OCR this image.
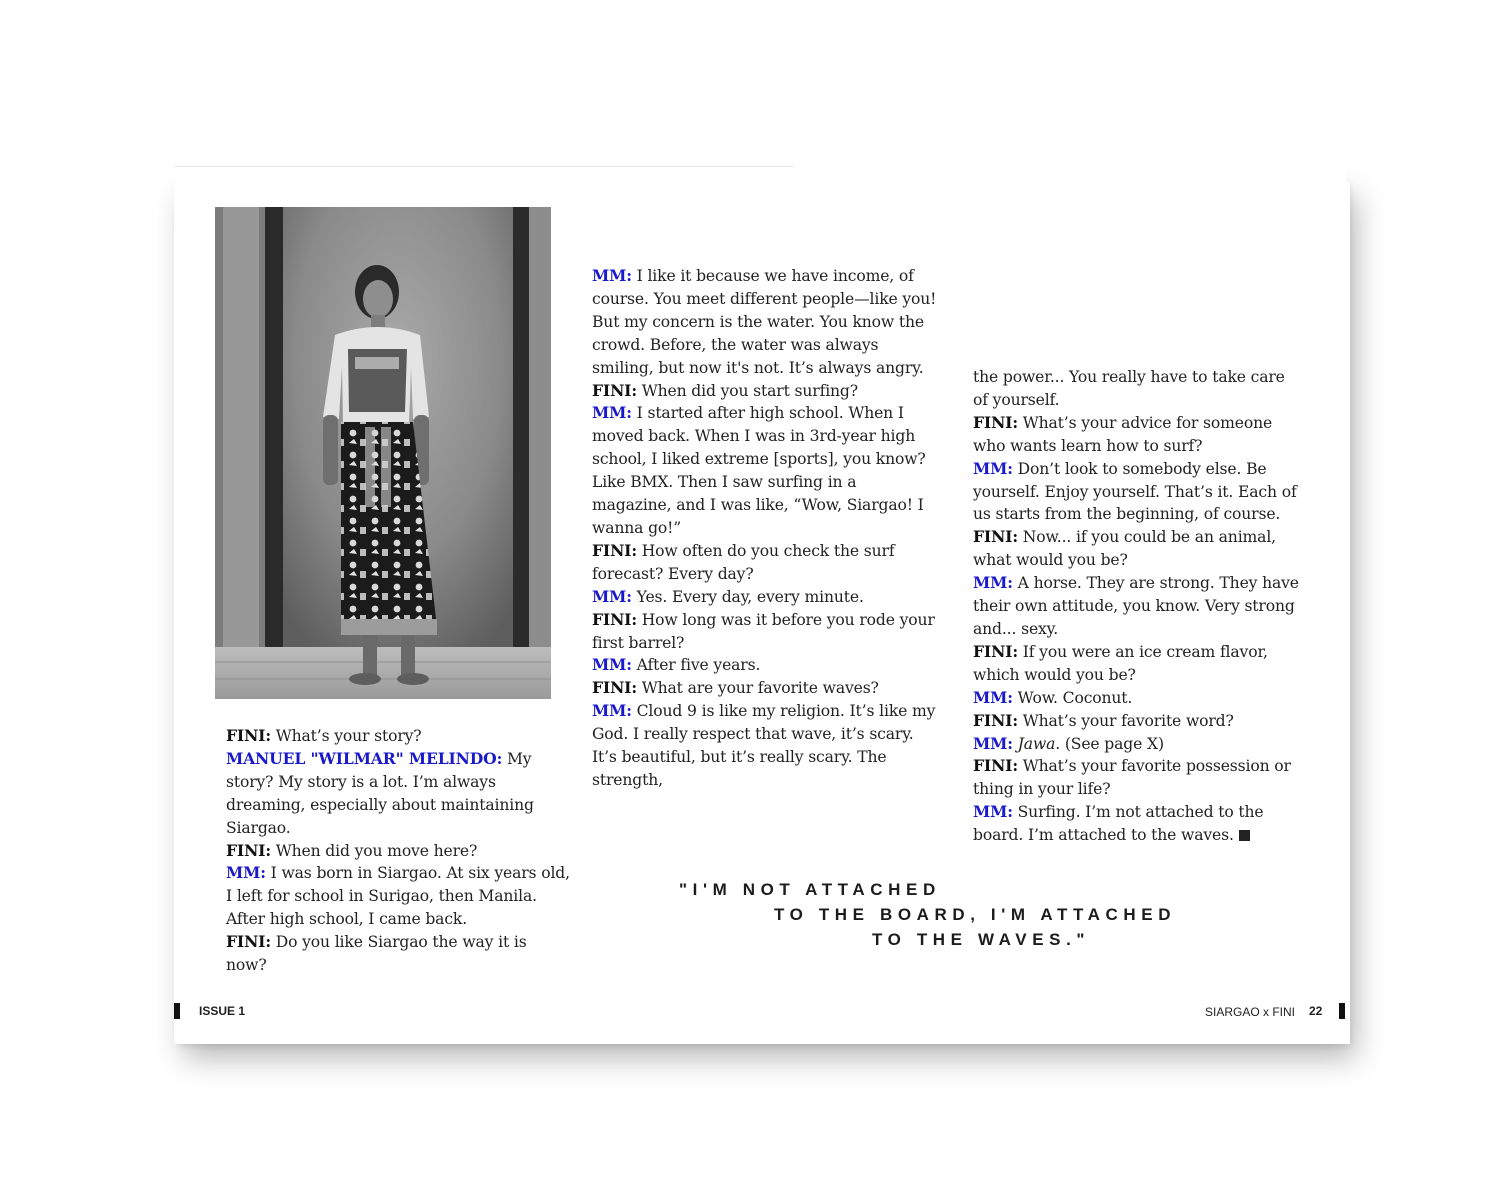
FINI: What’s your story?

MANUEL "WILMAR" MELINDO: My story? My story is a lot. I’m always dreaming, especially about maintaining Siargao.

FINI: When did you move here?

MM: I was born in Siargao. At six years old, I left for school in Surigao, then Manila. After high school, I came back.

FINI: Do you like Siargao the way it is now?

MM: I like it because we have income, of course. You meet different people—like you! But my concern is the water. You know the crowd. Before, the water was always smiling, but now it's not. It’s always angry.

FINI: When did you start surfing?

MM: I started after high school. When I moved back. When I was in 3rd-year high school, I liked extreme [sports], you know? Like BMX. Then I saw surfing in a magazine, and I was like, “Wow, Siargao! I wanna go!”

FINI: How often do you check the surf forecast? Every day?

MM: Yes. Every day, every minute.

FINI: How long was it before you rode your first barrel?

MM: After five years.

FINI: What are your favorite waves?

MM: Cloud 9 is like my religion. It’s like my God. I really respect that wave, it’s scary. It’s beautiful, but it’s really scary. The strength,

the power... You really have to take care of yourself.

FINI: What’s your advice for someone who wants learn how to surf?

MM: Don’t look to somebody else. Be yourself. Enjoy yourself. That’s it. Each of us starts from the beginning, of course.

FINI: Now... if you could be an animal, what would you be?

MM: A horse. They are strong. They have their own attitude, you know. Very strong and... sexy.

FINI: If you were an ice cream flavor, which would you be?

MM: Wow. Coconut.

FINI: What’s your favorite word?

MM: Jawa. (See page X)

FINI: What’s your favorite possession or thing in your life?

MM: Surfing. I’m not attached to the board. I’m attached to the waves.

"I'M NOT ATTACHED
TO THE BOARD, I'M ATTACHED
TO THE WAVES."
ISSUE 1	SIARGAO x FINI 22
